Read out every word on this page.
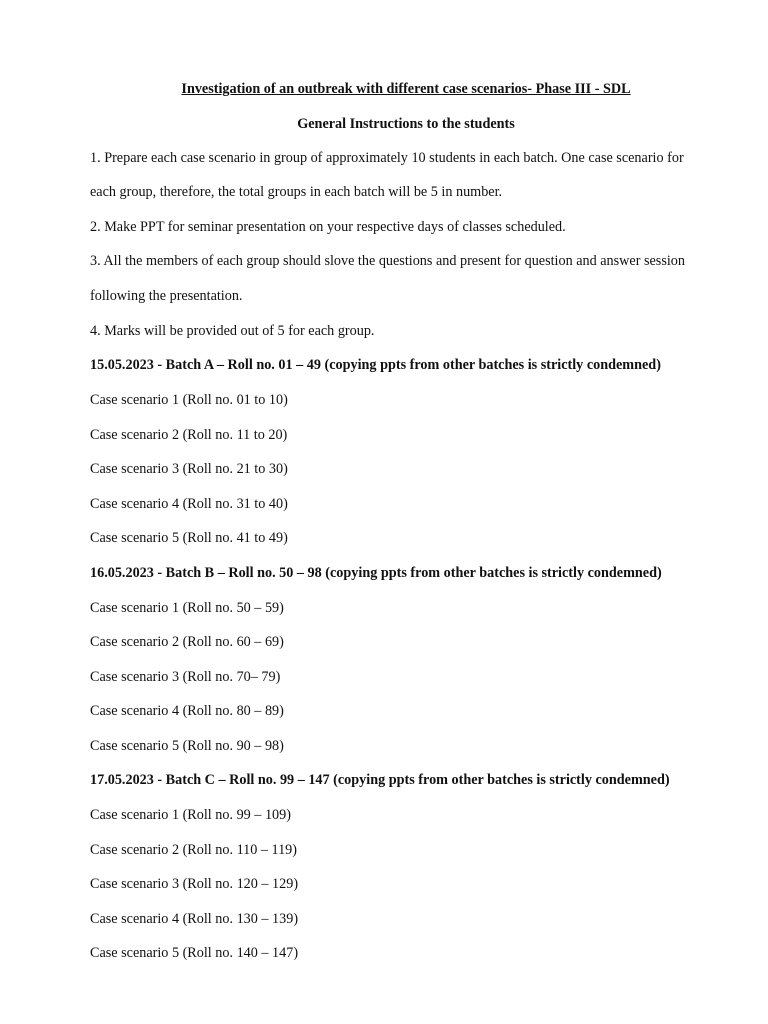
Investigation of an outbreak with different case scenarios- Phase III - SDL

General Instructions to the students

1. Prepare each case scenario in group of approximately 10 students in each batch. One case scenario for

each group, therefore, the total groups in each batch will be 5 in number.

2. Make PPT for seminar presentation on your respective days of classes scheduled.

3. All the members of each group should slove the questions and present for question and answer session

following the presentation.

4. Marks will be provided out of 5 for each group.

15.05.2023 - Batch A – Roll no. 01 – 49 (copying ppts from other batches is strictly condemned)

Case scenario 1 (Roll no. 01 to 10)

Case scenario 2 (Roll no. 11 to 20)

Case scenario 3 (Roll no. 21 to 30)

Case scenario 4 (Roll no. 31 to 40)

Case scenario 5 (Roll no. 41 to 49)

16.05.2023 - Batch B – Roll no. 50 – 98 (copying ppts from other batches is strictly condemned)

Case scenario 1 (Roll no. 50 – 59)

Case scenario 2 (Roll no. 60 – 69)

Case scenario 3 (Roll no. 70– 79)

Case scenario 4 (Roll no. 80 – 89)

Case scenario 5 (Roll no. 90 – 98)

17.05.2023 - Batch C – Roll no. 99 – 147 (copying ppts from other batches is strictly condemned)

Case scenario 1 (Roll no. 99 – 109)

Case scenario 2 (Roll no. 110 – 119)

Case scenario 3 (Roll no. 120 – 129)

Case scenario 4 (Roll no. 130 – 139)

Case scenario 5 (Roll no. 140 – 147)
